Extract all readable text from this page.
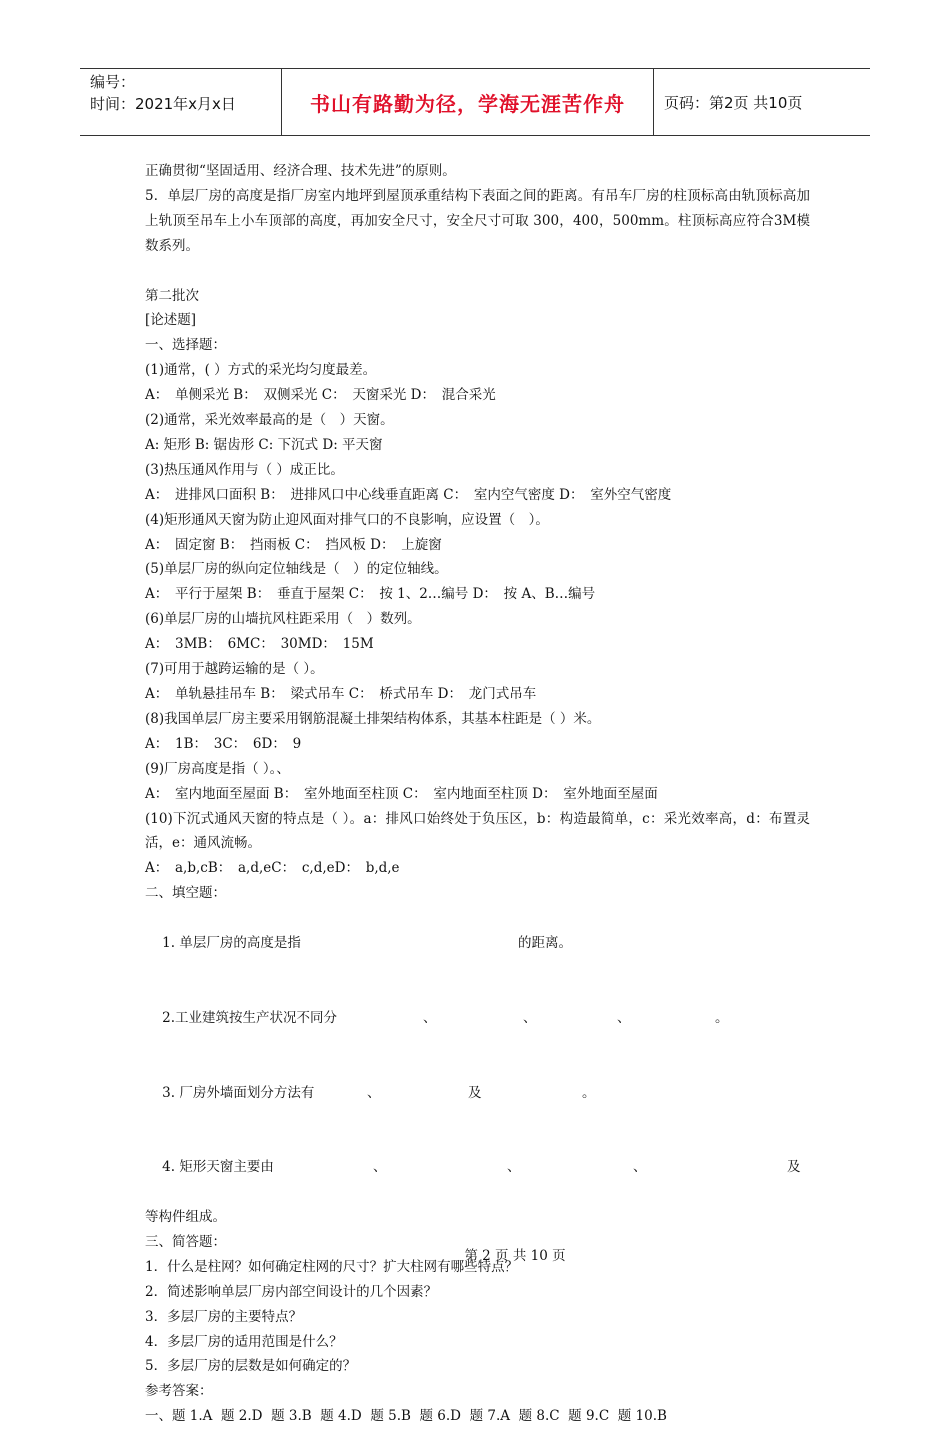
编号：
时间：2021年x月x日	书山有路勤为径，学海无涯苦作舟	页码：第2页 共10页

正确贯彻“坚固适用、经济合理、技术先进”的原则。

5．单层厂房的高度是指厂房室内地坪到屋顶承重结构下表面之间的距离。有吊车厂房的柱顶标高由轨顶标高加上轨顶至吊车上小车顶部的高度，再加安全尺寸，安全尺寸可取 300，400，500mm。柱顶标高应符合3M模数系列。

第二批次

[论述题]

一、选择题：

(1)通常，( ）方式的采光均匀度最差。

A：　单侧采光 B：　双侧采光 C：　天窗采光 D：　混合采光

(2)通常，采光效率最高的是（　）天窗。

A: 矩形 B: 锯齿形 C: 下沉式 D: 平天窗

(3)热压通风作用与（ ）成正比。

A：　进排风口面积 B：　进排风口中心线垂直距离 C：　室内空气密度 D：　室外空气密度

(4)矩形通风天窗为防止迎风面对排气口的不良影响，应设置（　）。

A：　固定窗 B：　挡雨板 C：　挡风板 D：　上旋窗

(5)单层厂房的纵向定位轴线是（　）的定位轴线。

A：　平行于屋架 B：　垂直于屋架 C：　按 1、2…编号 D：　按 A、B…编号

(6)单层厂房的山墙抗风柱距采用（　）数列。

A：　3MB：　6MC：　30MD：　15M

(7)可用于越跨运输的是（ ）。

A：　单轨悬挂吊车 B：　梁式吊车 C：　桥式吊车 D：　龙门式吊车

(8)我国单层厂房主要采用钢筋混凝土排架结构体系，其基本柱距是（ ）米。

A：　1B：　3C：　6D：　9

(9)厂房高度是指（ ）。、

A：　室内地面至屋面 B：　室外地面至柱顶 C：　室内地面至柱顶 D：　室外地面至屋面

(10)下沉式通风天窗的特点是（ ）。a：排风口始终处于负压区，b：构造最简单，c：采光效率高，d：布置灵活，e：通风流畅。

A：　a,b,cB：　a,d,eC：　c,d,eD：　b,d,e

二、填空题：

1. 单层厂房的高度是指	的距离。

2.工业建筑按生产状况不同分	、	、	、	。

3. 厂房外墙面划分方法有	、	及	。

4. 矩形天窗主要由	、	、	、	及

等构件组成。

三、简答题：

1．什么是柱网？如何确定柱网的尺寸？扩大柱网有哪些特点？

2．简述影响单层厂房内部空间设计的几个因素？

3．多层厂房的主要特点？

4．多层厂房的适用范围是什么？

5．多层厂房的层数是如何确定的？

参考答案：

一、题 1.A  题 2.D  题 3.B  题 4.D  题 5.B  题 6.D  题 7.A  题 8.C  题 9.C  题 10.B

第 2 页 共 10 页
